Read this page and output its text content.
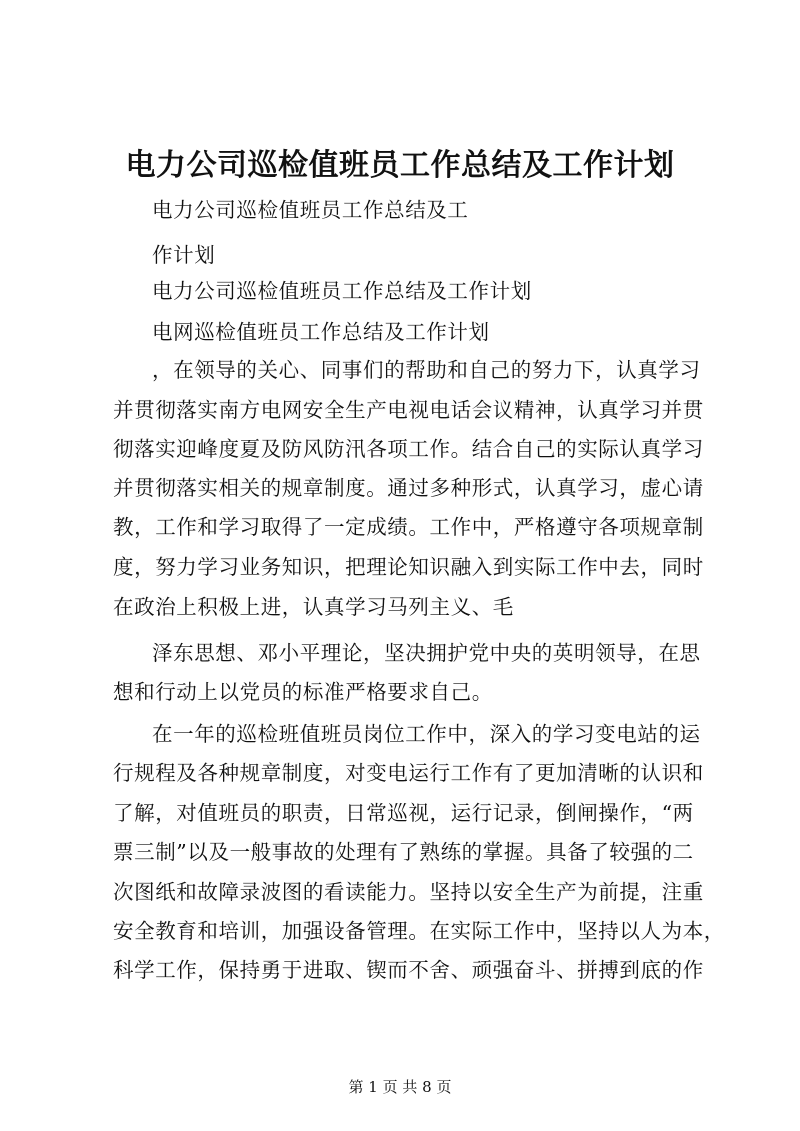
电力公司巡检值班员工作总结及工作计划

电力公司巡检值班员工作总结及工

作计划

电力公司巡检值班员工作总结及工作计划

电网巡检值班员工作总结及工作计划

，在领导的关心、同事们的帮助和自己的努力下，认真学习

并贯彻落实南方电网安全生产电视电话会议精神，认真学习并贯

彻落实迎峰度夏及防风防汛各项工作。结合自己的实际认真学习

并贯彻落实相关的规章制度。通过多种形式，认真学习，虚心请

教，工作和学习取得了一定成绩。工作中，严格遵守各项规章制

度，努力学习业务知识，把理论知识融入到实际工作中去，同时

在政治上积极上进，认真学习马列主义、毛

泽东思想、邓小平理论，坚决拥护党中央的英明领导，在思

想和行动上以党员的标准严格要求自己。

在一年的巡检班值班员岗位工作中，深入的学习变电站的运

行规程及各种规章制度，对变电运行工作有了更加清晰的认识和

了解，对值班员的职责，日常巡视，运行记录，倒闸操作，“两

票三制”以及一般事故的处理有了熟练的掌握。具备了较强的二

次图纸和故障录波图的看读能力。坚持以安全生产为前提，注重

安全教育和培训，加强设备管理。在实际工作中，坚持以人为本，

科学工作，保持勇于进取、锲而不舍、顽强奋斗、拼搏到底的作

第 1 页 共 8 页
